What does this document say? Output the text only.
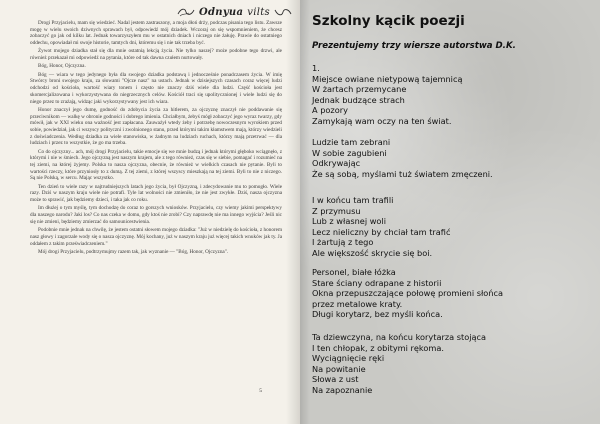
Odnyua vilts

Drogi Przyjacielu, mam się wiedzieć. Nadal jestem zastraszony, a moja dłoń drży, podczas pisania tego listu. Zawsze mogę w wielu swoich dziwnych sprawach był, odpowiedź mój dziadek. Wczoraj on się wspomnieniem, że chcesz zobaczyć go jak od kilku lat. Jednak towarzyszyłem mu w ostatnich dniach i niczego nie żałuję. Prawie do ostatniego oddechu, opowiadał mi swoje historie, tamtych dni, któremu się i nie tak trzeba być.

Żywot mojego dziadka stał się dla mnie ostatnią lekcją życia. Nie tylko naszej? może podobne tego drzwi, ale również przekazał mi odpowiedź na pytania, które od tak dawna czułem nurtowały.

Bóg, Honor, Ojczyzna.

Bóg — wiara w tego jedynego była dla swojego dziadka podstawą i jednocześnie ponadczasem życia. W imię Stwórcy broni swojego kraju, za słowami "Ojcze nasz" na ustach. Jednak w dzisiejszych czasach coraz więcej ludzi odchodzi od kościoła, wartość wiary tonem i często nie znaczy dziś wiele dla ludzi. Część kościoła jest skomercjalizowana i wykorzystywana do niegrzecznych celów. Kościół traci się upolitycznionej i wiele ludzi się do niego przez to zrażają, widząc jaki wykorzystywany jest ich wiara.

Honor znaczył jego dumę, godność do zdobycia życia za hitlerem, za ojczyznę znaczył nie poddawanie się przeciwnikom — walkę w obronie godności i dobrego imienia. Chciałbym, żebyś mógł zobaczyć jego wyraz twarzy, gdy mówił, jak w XXI wieku ona ważność jest zapłacana. Zauważył wtedy żeby i potrzebę nowoczesnym wyrokiem przed sobie, powiedział, jak ci wszyscy polityczni i zwolnionego stanu, przed którymi takim kłamstwem mają, którzy wiedzieli z doświadczenia. Według dziadka za wiele stanowiska, w żadnym na ludziach ruchach, którzy mają przetrwać — dla ludziach i przez to wszystkie, że go ma trzeba.

Co do ojczyzny... ach, mój drogi Przyjacielu, takie emocje się we mnie budzą i jednak którymi głęboko wciągnęło, z którymi i nie w śmiech. Jego ojczyzną jest naszym krajem, ale z tego również, czas się w siebie, pomagać i rozumieć na tej ziemi, na której żyjemy. Polska to nasza ojczyzna, obecnie, że również w wielkich czasach nie pytanie. Byli to wartości rzeczy, które przyniosły to z dumą. Z tej ziemi, z której wszyscy mieszkają na tej ziemi. Byli to nie z niczego. Są nie Polską, w sercu. Mając wszystko.

Ten dzień to wiele razy w najtrudniejszych latach jego życia, był Ojczyzną, i zdecydowanie mu to pomogło. Wiele razy. Dziś w naszym kraju wiele nie potrafi. Tyle lat wolności nie zmieniło, że nie jest zwykłe. Dziś, nasza ojczyzna może to sprawić, jak będziemy dzieci, i taka jak co roku.

Im dłużej o tym myślę, tym dochodzę do coraz to gorszych wniosków. Przyjacielu, czy wiemy jakimi perspektywy dla naszego narodu? Jaki los? Co nas czeka w domu, gdy ktoś nie zrobi? Czy naprawdę nie ma innego wyjścia? Jeśli nic się nie zmieni, będziemy zmierzać do samounicestwienia.

Podobnie mnie jednak na chwilę, że jestem ostatni słowem mojego dziadka: "Już w niedzielę do kościoła, z honorem nasz głowy i zagorzale wody się o nasza ojczyznę. Mój kochany, już w naszym kraju już więcej takich wnuków jak ty. Ja oddałem z takim przeświadczeniem."

Mój drogi Przyjacielu, podtrzymujmy razem tak, jak wyznanie — "Bóg, Honor, Ojczyzna".

5
Szkolny kącik poezji
Prezentujemy trzy wiersze autorstwa D.K.
1.
Miejsce owiane nietypową tajemnicą
W żartach przemycane
Jednak budzące strach
A pozory
Zamykają wam oczy na ten świat.
Ludzie tam zebrani
W sobie zagubieni
Odkrywając
Że są sobą, myślami tuż światem zmęczeni.
I w końcu tam trafili
Z przymusu
Lub z własnej woli
Lecz nieliczny by chciał tam trafić
I żartują z tego
Ale większość skrycie się boi.
Personel, białe łóżka
Stare ściany odrapane z historii
Okna przepuszczające połowę promieni słońca
przez metalowe kraty.
Długi korytarz, bez myśli końca.
Ta dziewczyna, na końcu korytarza stojąca
I ten chłopak, z obitymi rękoma.
Wyciągnięcie ręki
Na powitanie
Słowa z ust
Na zapoznanie
